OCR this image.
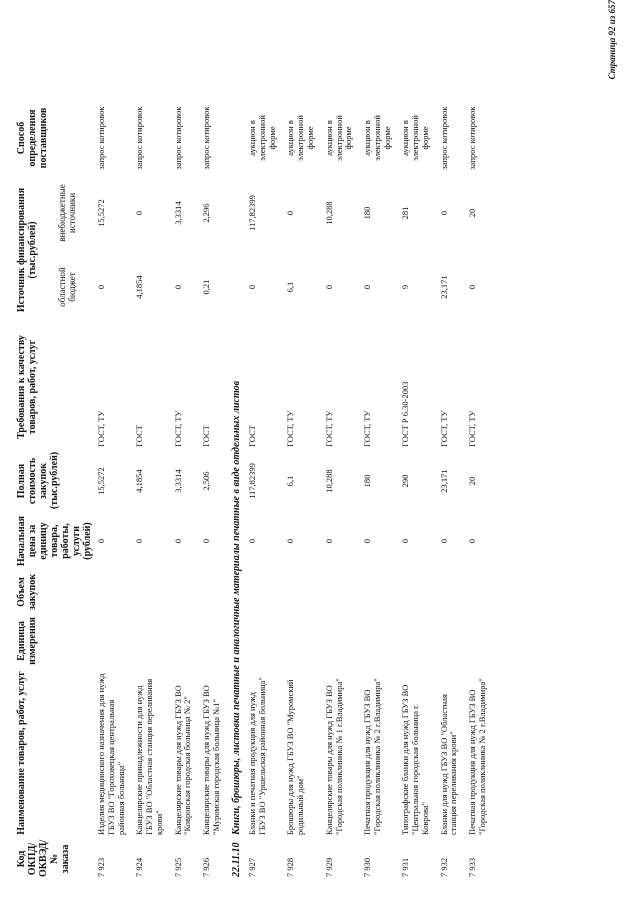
Код ОКПД/ ОКВЭД/ № заказа	Наименование товаров, работ, услуг	Единица измерения	Объем закупок	Начальная цена за единицу товара, работы, услуги (рублей)	Полная стоимость закупок (тыс.рублей)	Требования к качеству товаров, работ, услуг	Источник финансирования (тыс.рублей)		Способ определения поставщиков	
							областной бюджет	внебюджетные источники		
7 923	Изделия медицинского назначения для нужд ГБУЗ ВО "Гороховецкая центральная районная больница"			0	15,5272	ГОСТ, ТУ	0	15,5272	запрос котировок	
7 924	Канцелярские принадлежности для нужд ГБУЗ ВО "Областная станция переливания крови"			0	4,1854	ГОСТ	4,1854	0	запрос котировок	
7 925	Канцелярские товары для нужд ГБУЗ ВО "Ковровская городская больница № 2"			0	3,3314	ГОСТ, ТУ	0	3,3314	запрос котировок	
7 926	Канцелярские товары для нужд ГБУЗ ВО "Муромская городская больница №1"			0	2,506	ГОСТ	0,21	2,296	запрос котировок	
22.11.10	Книги, брошюры, листовки печатные и аналогичные материалы печатные в виде отдельных листов									
7 927	Бланки и печатная продукция для нужд ГБУЗ ВО "Уршельская районная больница"			0	117,82399	ГОСТ	0	117,82399	аукцион в электронной форме	
7 928	Брошюры для нужд ГБУЗ ВО "Муромский родильный дом"			0	6,1	ГОСТ, ТУ	6,1	0	аукцион в электронной форме	
7 929	Канцелярские товары для нужд ГБУЗ ВО "Городская поликлиника № 1 г.Владимира"			0	10,288	ГОСТ, ТУ	0	10,288	аукцион в электронной форме	
7 930	Печатная продукция для нужд ГБУЗ ВО "Городская поликлиника № 2 г.Владимира"			0	180	ГОСТ, ТУ	0	180	аукцион в электронной форме	
7 931	Типографские бланки для нужд ГБУЗ ВО "Центральная городская больница г. Коврова"			0	290	ГОСТ Р 6.30-2003	9	281	аукцион в электронной форме	
7 932	Бланки для нужд ГБУЗ ВО "Областная станция переливания крови"			0	23,171	ГОСТ, ТУ	23,171	0	запрос котировок	
7 933	Печатная продукция для нужд ГБУЗ ВО "Городская поликлиника № 2 г.Владимира"			0	20	ГОСТ, ТУ	0	20	запрос котировок	
Страница 92 из 657
